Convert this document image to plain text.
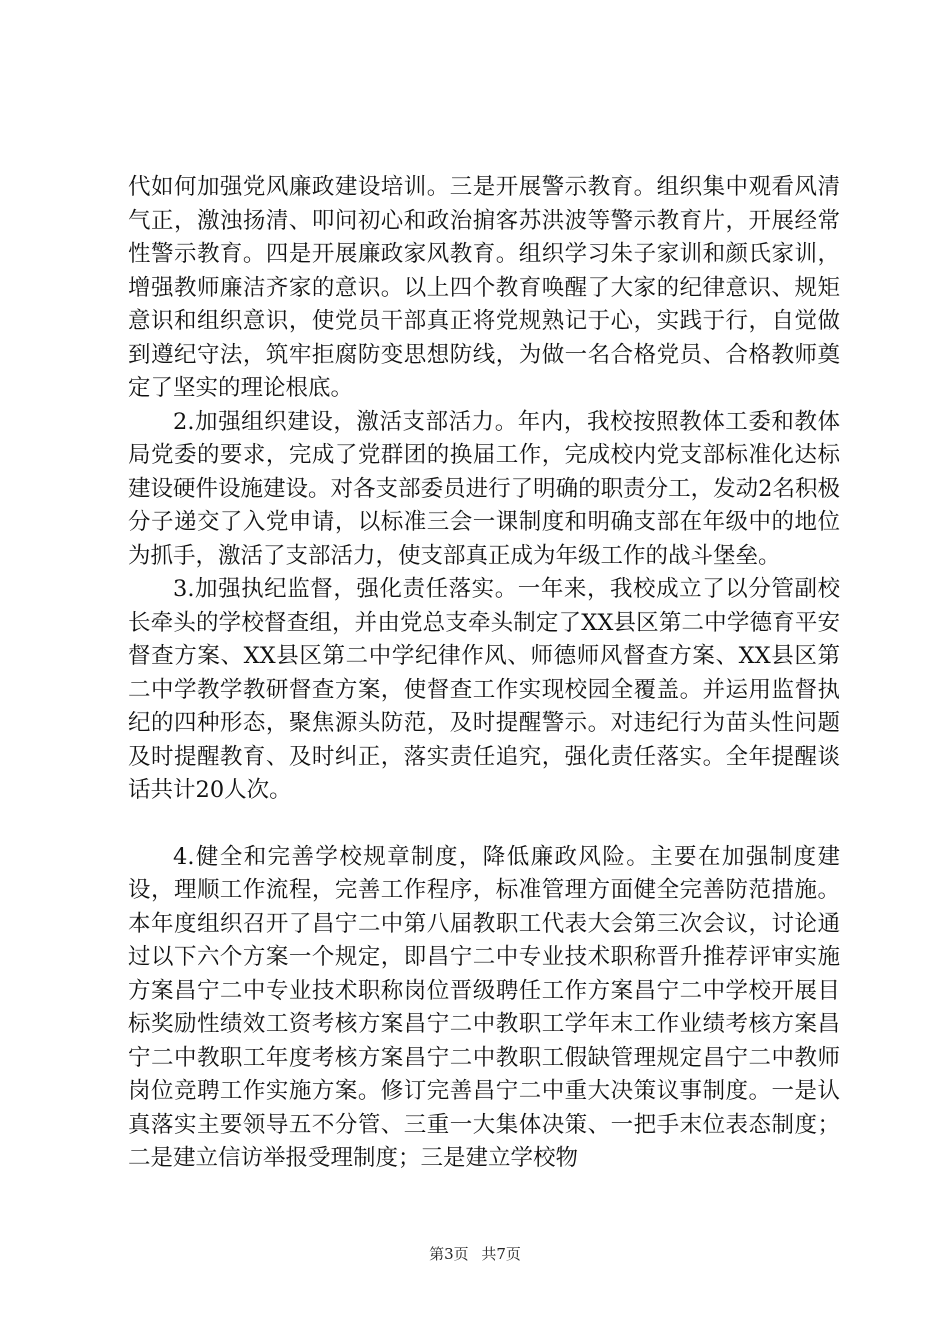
代如何加强党风廉政建设培训。三是开展警示教育。组织集中观看风清气正，激浊扬清、叩问初心和政治掮客苏洪波等警示教育片，开展经常性警示教育。四是开展廉政家风教育。组织学习朱子家训和颜氏家训，增强教师廉洁齐家的意识。以上四个教育唤醒了大家的纪律意识、规矩意识和组织意识，使党员干部真正将党规熟记于心，实践于行，自觉做到遵纪守法，筑牢拒腐防变思想防线，为做一名合格党员、合格教师奠定了坚实的理论根底。

2.加强组织建设，激活支部活力。年内，我校按照教体工委和教体局党委的要求，完成了党群团的换届工作，完成校内党支部标准化达标建设硬件设施建设。对各支部委员进行了明确的职责分工，发动2名积极分子递交了入党申请，以标准三会一课制度和明确支部在年级中的地位为抓手，激活了支部活力，使支部真正成为年级工作的战斗堡垒。

3.加强执纪监督，强化责任落实。一年来，我校成立了以分管副校长牵头的学校督查组，并由党总支牵头制定了XX县区第二中学德育平安督查方案、XX县区第二中学纪律作风、师德师风督查方案、XX县区第二中学教学教研督查方案，使督查工作实现校园全覆盖。并运用监督执纪的四种形态，聚焦源头防范，及时提醒警示。对违纪行为苗头性问题及时提醒教育、及时纠正，落实责任追究，强化责任落实。全年提醒谈话共计20人次。

4.健全和完善学校规章制度，降低廉政风险。主要在加强制度建设，理顺工作流程，完善工作程序，标准管理方面健全完善防范措施。本年度组织召开了昌宁二中第八届教职工代表大会第三次会议，讨论通过以下六个方案一个规定，即昌宁二中专业技术职称晋升推荐评审实施方案昌宁二中专业技术职称岗位晋级聘任工作方案昌宁二中学校开展目标奖励性绩效工资考核方案昌宁二中教职工学年末工作业绩考核方案昌宁二中教职工年度考核方案昌宁二中教职工假缺管理规定昌宁二中教师岗位竞聘工作实施方案。修订完善昌宁二中重大决策议事制度。一是认真落实主要领导五不分管、三重一大集体决策、一把手末位表态制度；二是建立信访举报受理制度；三是建立学校物

第3页 共7页
